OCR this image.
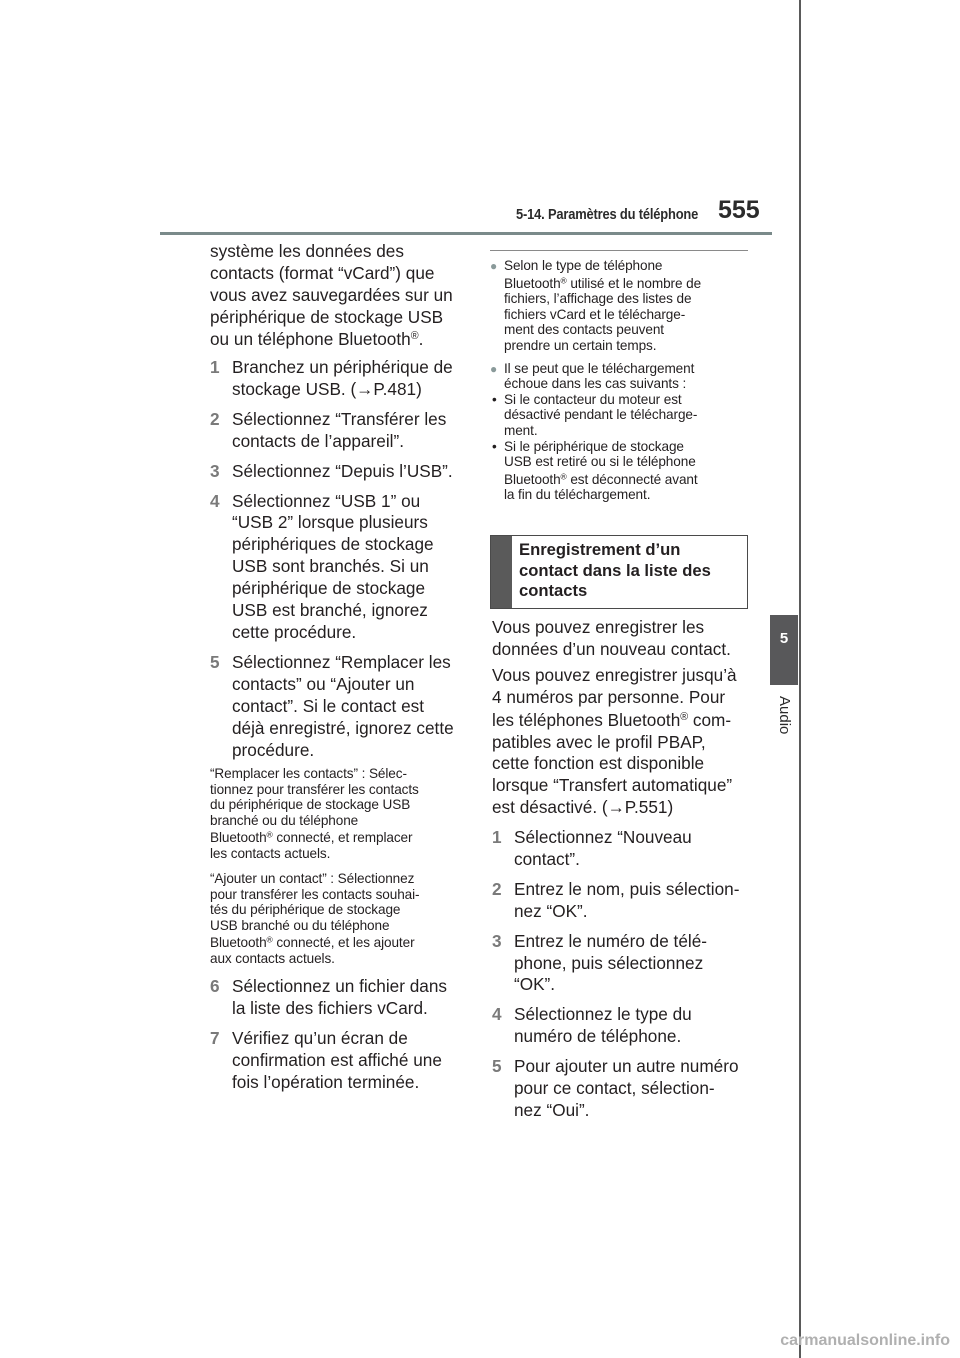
5-14. Paramètres du téléphone 555
5
Audio
système les données des
contacts (format “vCard”) que
vous avez sauvegardées sur un
périphérique de stockage USB
ou un téléphone Bluetooth®.
1 Branchez un périphérique de
stockage USB. (→P.481)
2 Sélectionnez “Transférer les
contacts de l’appareil”.
3 Sélectionnez “Depuis l’USB”.
4 Sélectionnez “USB 1” ou
“USB 2” lorsque plusieurs
périphériques de stockage
USB sont branchés. Si un
périphérique de stockage
USB est branché, ignorez
cette procédure.
5 Sélectionnez “Remplacer les
contacts” ou “Ajouter un
contact”. Si le contact est
déjà enregistré, ignorez cette
procédure.
“Remplacer les contacts” : Sélec-
tionnez pour transférer les contacts
du périphérique de stockage USB
branché ou du téléphone
Bluetooth® connecté, et remplacer
les contacts actuels.
“Ajouter un contact” : Sélectionnez
pour transférer les contacts souhai-
tés du périphérique de stockage
USB branché ou du téléphone
Bluetooth® connecté, et les ajouter
aux contacts actuels.
6 Sélectionnez un fichier dans
la liste des fichiers vCard.
7 Vérifiez qu’un écran de
confirmation est affiché une
fois l’opération terminée.
● Selon le type de téléphone
Bluetooth® utilisé et le nombre de
fichiers, l’affichage des listes de
fichiers vCard et le télécharge-
ment des contacts peuvent
prendre un certain temps.
● Il se peut que le téléchargement
échoue dans les cas suivants :
• Si le contacteur du moteur est
désactivé pendant le télécharge-
ment.
• Si le périphérique de stockage
USB est retiré ou si le téléphone
Bluetooth® est déconnecté avant
la fin du téléchargement.
Enregistrement d’un
contact dans la liste des
contacts
Vous pouvez enregistrer les
données d’un nouveau contact.
Vous pouvez enregistrer jusqu’à
4 numéros par personne. Pour
les téléphones Bluetooth® com-
patibles avec le profil PBAP,
cette fonction est disponible
lorsque “Transfert automatique”
est désactivé. (→P.551)
1 Sélectionnez “Nouveau
contact”.
2 Entrez le nom, puis sélection-
nez “OK”.
3 Entrez le numéro de télé-
phone, puis sélectionnez
“OK”.
4 Sélectionnez le type du
numéro de téléphone.
5 Pour ajouter un autre numéro
pour ce contact, sélection-
nez “Oui”.
carmanualsonline.info
